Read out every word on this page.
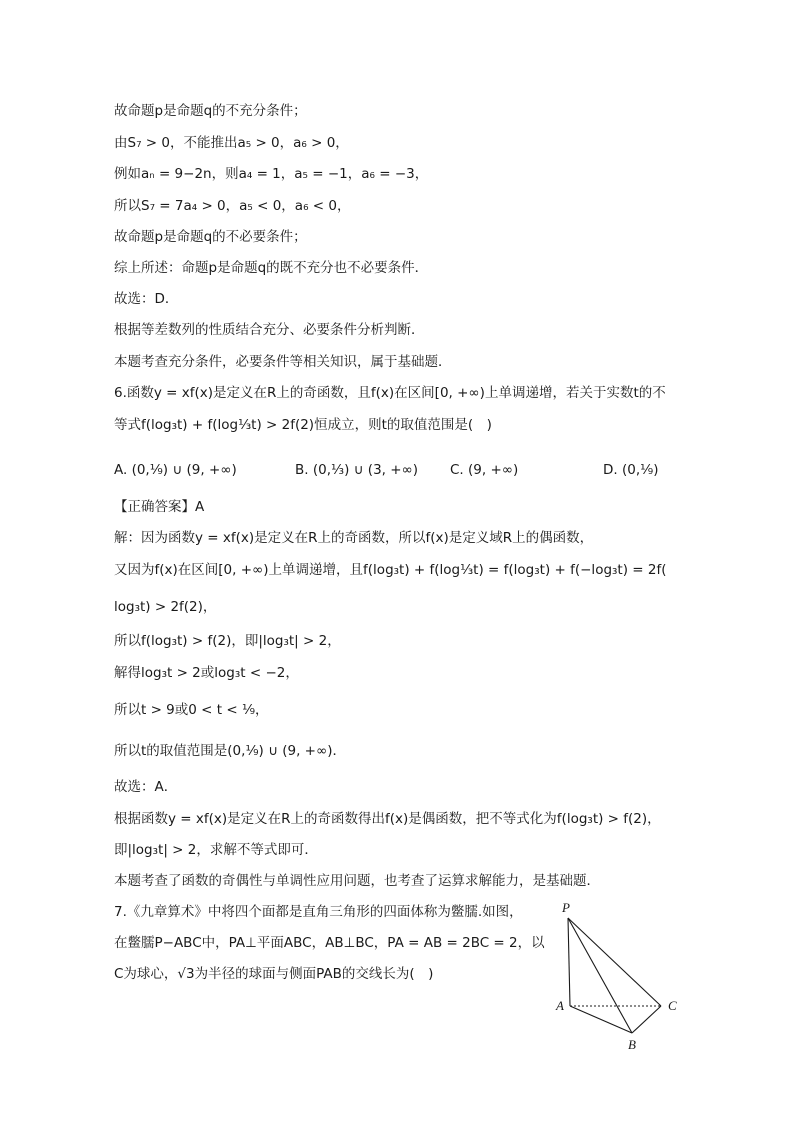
故命题p是命题q的不充分条件；
由S₇ > 0，不能推出a₅ > 0，a₆ > 0，
例如aₙ = 9−2n，则a₄ = 1，a₅ = −1，a₆ = −3，
所以S₇ = 7a₄ > 0，a₅ < 0，a₆ < 0，
故命题p是命题q的不必要条件；
综上所述：命题p是命题q的既不充分也不必要条件．
故选：D．
根据等差数列的性质结合充分、必要条件分析判断．
本题考查充分条件，必要条件等相关知识，属于基础题．
6.函数y = xf(x)是定义在R上的奇函数，且f(x)在区间[0, +∞)上单调递增，若关于实数t的不
等式f(log₃t) + f(log⅓t) > 2f(2)恒成立，则t的取值范围是(　)
A. (0,¹⁄₉) ∪ (9, +∞)	B. (0,¹⁄₃) ∪ (3, +∞) C. (9, +∞)	D. (0,¹⁄₉)
【正确答案】A
解：因为函数y = xf(x)是定义在R上的奇函数，所以f(x)是定义域R上的偶函数，
又因为f(x)在区间[0, +∞)上单调递增，且f(log₃t) + f(log⅓t) = f(log₃t) + f(−log₃t) = 2f(
log₃t) > 2f(2)，
所以f(log₃t) > f(2)，即|log₃t| > 2，
解得log₃t > 2或log₃t < −2，
所以t > 9或0 < t < ¹⁄₉，
所以t的取值范围是(0,¹⁄₉) ∪ (9, +∞)．
故选：A．
根据函数y = xf(x)是定义在R上的奇函数得出f(x)是偶函数，把不等式化为f(log₃t) > f(2)，
即|log₃t| > 2，求解不等式即可．
本题考查了函数的奇偶性与单调性应用问题，也考查了运算求解能力，是基础题．
7.《九章算术》中将四个面都是直角三角形的四面体称为鳖臑.如图，
在鳖臑P−ABC中，PA⊥平面ABC，AB⊥BC，PA = AB = 2BC = 2，以
C为球心，√3为半径的球面与侧面PAB的交线长为(　)
P
A	C
B
